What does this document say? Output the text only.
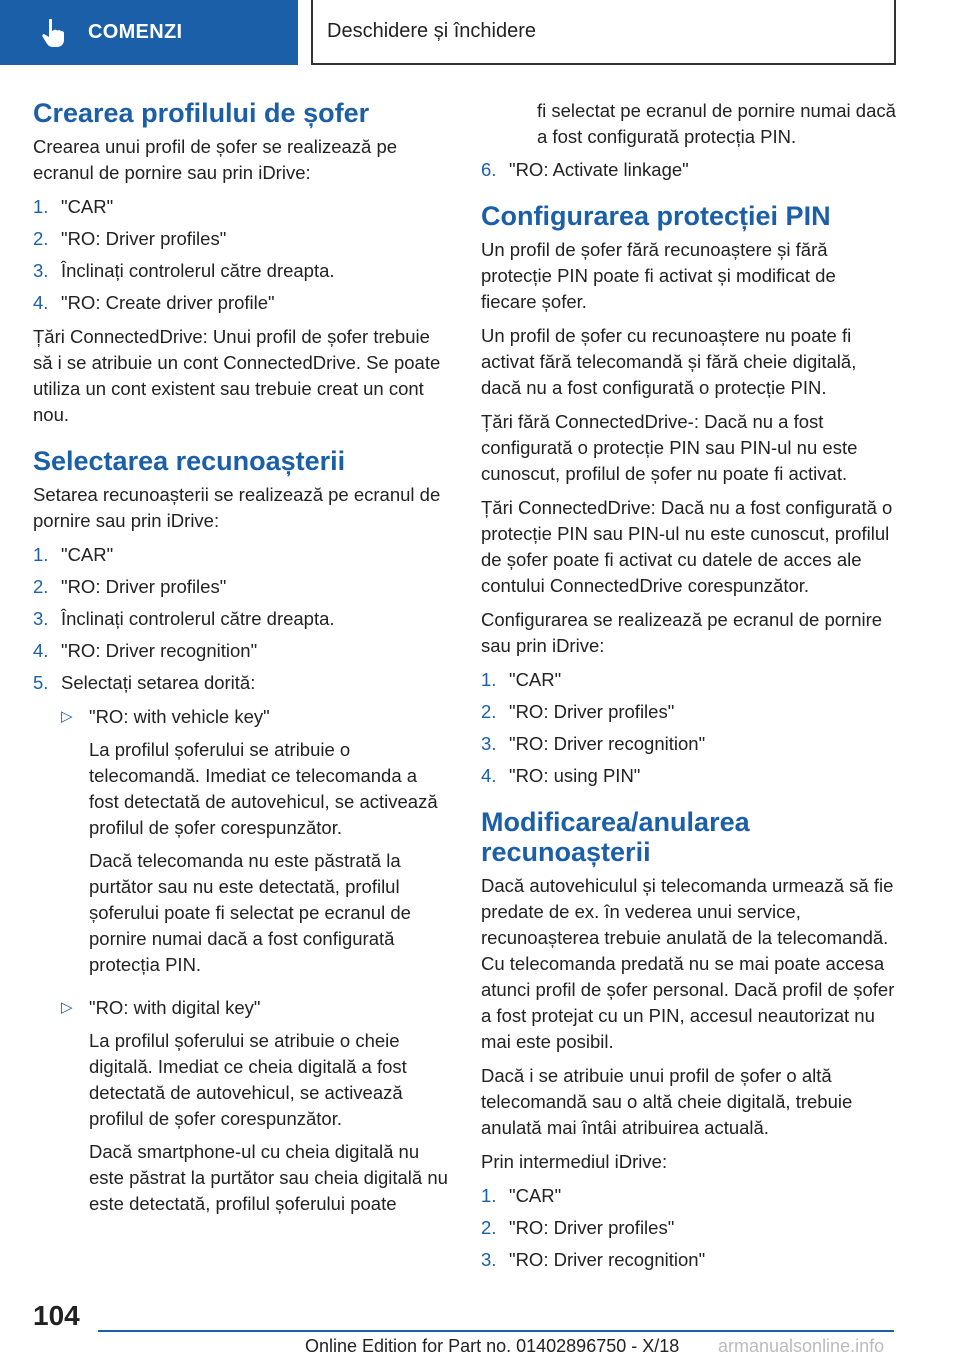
COMENZI	Deschidere și închidere
Crearea profilului de șofer

Crearea unui profil de șofer se realizează pe ecranul de pornire sau prin iDrive:

1. "CAR"
2. "RO: Driver profiles"
3. Înclinați controlerul către dreapta.
4. "RO: Create driver profile"

Țări ConnectedDrive: Unui profil de șofer trebuie să i se atribuie un cont ConnectedDrive. Se poate utiliza un cont existent sau trebuie creat un cont nou.

Selectarea recunoașterii

Setarea recunoașterii se realizează pe ecranul de pornire sau prin iDrive:

1. "CAR"
2. "RO: Driver profiles"
3. Înclinați controlerul către dreapta.
4. "RO: Driver recognition"
5. Selectați setarea dorită:
▷ "RO: with vehicle key"

La profilul șoferului se atribuie o telecomandă. Imediat ce telecomanda a fost detectată de autovehicul, se activează profilul de șofer corespunzător.

Dacă telecomanda nu este păstrată la purtător sau nu este detectată, profilul șoferului poate fi selectat pe ecranul de pornire numai dacă a fost configurată protecția PIN.

▷ "RO: with digital key"

La profilul șoferului se atribuie o cheie digitală. Imediat ce cheia digitală a fost detectată de autovehicul, se activează profilul de șofer corespunzător.

Dacă smartphone-ul cu cheia digitală nu este păstrat la purtător sau cheia digitală nu este detectată, profilul șoferului poate

fi selectat pe ecranul de pornire numai dacă a fost configurată protecția PIN.

6. "RO: Activate linkage"
Configurarea protecției PIN

Un profil de șofer fără recunoaștere și fără protecție PIN poate fi activat și modificat de fiecare șofer.

Un profil de șofer cu recunoaștere nu poate fi activat fără telecomandă și fără cheie digitală, dacă nu a fost configurată o protecție PIN.

Țări fără ConnectedDrive-: Dacă nu a fost configurată o protecție PIN sau PIN-ul nu este cunoscut, profilul de șofer nu poate fi activat.

Țări ConnectedDrive: Dacă nu a fost configurată o protecție PIN sau PIN-ul nu este cunoscut, profilul de șofer poate fi activat cu datele de acces ale contului ConnectedDrive corespunzător.

Configurarea se realizează pe ecranul de pornire sau prin iDrive:

1. "CAR"
2. "RO: Driver profiles"
3. "RO: Driver recognition"
4. "RO: using PIN"
Modificarea/anularea recunoașterii

Dacă autovehiculul și telecomanda urmează să fie predate de ex. în vederea unui service, recunoașterea trebuie anulată de la telecomandă. Cu telecomanda predată nu se mai poate accesa atunci profil de șofer personal. Dacă profil de șofer a fost protejat cu un PIN, accesul neautorizat nu mai este posibil.

Dacă i se atribuie unui profil de șofer o altă telecomandă sau o altă cheie digitală, trebuie anulată mai întâi atribuirea actuală.

Prin intermediul iDrive:

1. "CAR"
2. "RO: Driver profiles"
3. "RO: Driver recognition"
104
Online Edition for Part no. 01402896750 - X/18 armanualsonline.info
